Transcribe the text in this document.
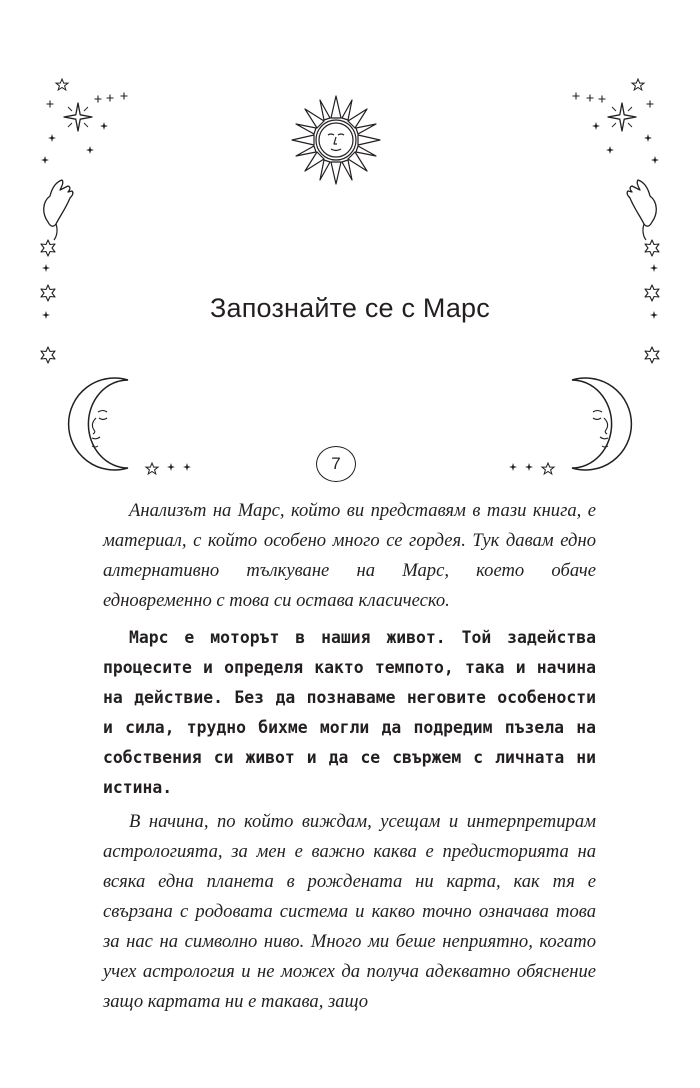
Запознайте се с Марс
7

Анализът на Марс, който ви представям в тази книга, е материал, с който особено много се гордея. Тук давам едно алтернативно тълкуване на Марс, което обаче едновременно с това си остава класическо.

Марс е моторът в нашия живот. Той задейства процесите и определя както темпото, така и начина на действие. Без да познаваме неговите особености и сила, трудно бихме могли да подредим пъзела на собствения си живот и да се свържем с личната ни истина.

В начина, по който виждам, усещам и интерпретирам астрологията, за мен е важно каква е предисторията на всяка една планета в рождената ни карта, как тя е свързана с родовата система и какво точно означава това за нас на символно ниво. Много ми беше неприятно, когато учех астрология и не можех да получа адекватно обяснение защо картата ни е такава, защо
